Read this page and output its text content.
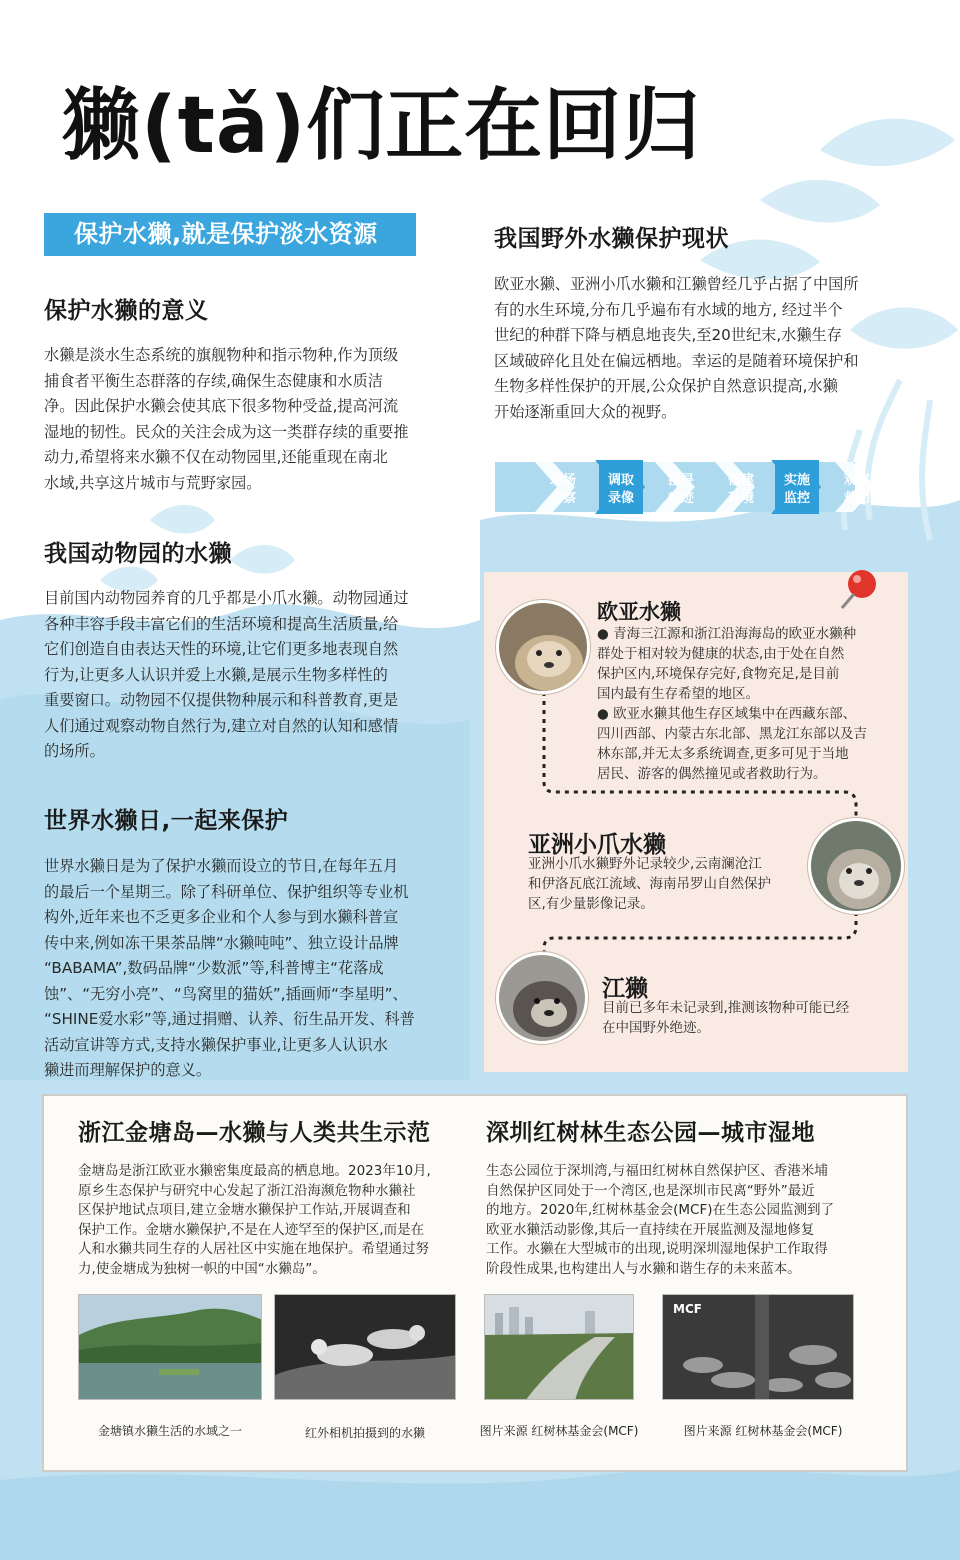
獭(tǎ)们正在回归
保护水獭,就是保护淡水资源
保护水獭的意义
水獭是淡水生态系统的旗舰物种和指示物种,作为顶级
捕食者平衡生态群落的存续,确保生态健康和水质洁
净。因此保护水獭会使其底下很多物种受益,提高河流
湿地的韧性。民众的关注会成为这一类群存续的重要推
动力,希望将来水獭不仅在动物园里,还能重现在南北
水域,共享这片城市与荒野家园。
我国动物园的水獭
目前国内动物园养育的几乎都是小爪水獭。动物园通过
各种丰容手段丰富它们的生活环境和提高生活质量,给
它们创造自由表达天性的环境,让它们更多地表现自然
行为,让更多人认识并爱上水獭,是展示生物多样性的
重要窗口。动物园不仅提供物种展示和科普教育,更是
人们通过观察动物自然行为,建立对自然的认知和感情
的场所。
世界水獭日,一起来保护
世界水獭日是为了保护水獭而设立的节日,在每年五月
的最后一个星期三。除了科研单位、保护组织等专业机
构外,近年来也不乏更多企业和个人参与到水獭科普宣
传中来,例如冻干果茶品牌“水獭吨吨”、独立设计品牌
“BABAMA”,数码品牌“少数派”等,科普博主“花落成
蚀”、“无穷小亮”、“鸟窝里的猫妖”,插画师“李星明”、
“SHINE爱水彩”等,通过捐赠、认养、衍生品开发、科普
活动宣讲等方式,支持水獭保护事业,让更多人认识水
獭进而理解保护的意义。
我国野外水獭保护现状
欧亚水獭、亚洲小爪水獭和江獭曾经几乎占据了中国所
有的水生环境,分布几乎遍布有水域的地方, 经过半个
世纪的种群下降与栖息地丧失,至20世纪末,水獭生存
区域破碎化且处在偏远栖地。幸运的是随着环境保护和
生物多样性保护的开展,公众保护自然意识提高,水獭
开始逐渐重回大众的视野。
现场
考察
调取
录像
搜寻
痕迹
修建
环境
实施
监控
观察
救助
欧亚水獭
● 青海三江源和浙江沿海海岛的欧亚水獭种
群处于相对较为健康的状态,由于处在自然
保护区内,环境保存完好,食物充足,是目前
国内最有生存希望的地区。
● 欧亚水獭其他生存区域集中在西藏东部、
四川西部、内蒙古东北部、黑龙江东部以及吉
林东部,并无太多系统调查,更多可见于当地
居民、游客的偶然撞见或者救助行为。
亚洲小爪水獭
亚洲小爪水獭野外记录较少,云南澜沧江
和伊洛瓦底江流域、海南吊罗山自然保护
区,有少量影像记录。
江獭
目前已多年未记录到,推测该物种可能已经
在中国野外绝迹。
浙江金塘岛—水獭与人类共生示范
金塘岛是浙江欧亚水獭密集度最高的栖息地。2023年10月,
原乡生态保护与研究中心发起了浙江沿海濒危物种水獭社
区保护地试点项目,建立金塘水獭保护工作站,开展调查和
保护工作。金塘水獭保护,不是在人迹罕至的保护区,而是在
人和水獭共同生存的人居社区中实施在地保护。希望通过努
力,使金塘成为独树一帜的中国“水獭岛”。
深圳红树林生态公园—城市湿地
生态公园位于深圳湾,与福田红树林自然保护区、香港米埔
自然保护区同处于一个湾区,也是深圳市民离“野外”最近
的地方。2020年,红树林基金会(MCF)在生态公园监测到了
欧亚水獭活动影像,其后一直持续在开展监测及湿地修复
工作。水獭在大型城市的出现,说明深圳湿地保护工作取得
阶段性成果,也构建出人与水獭和谐生存的未来蓝本。
MCF
金塘镇水獭生活的水域之一	红外相机拍摄到的水獭	图片来源 红树林基金会(MCF)	图片来源 红树林基金会(MCF)
